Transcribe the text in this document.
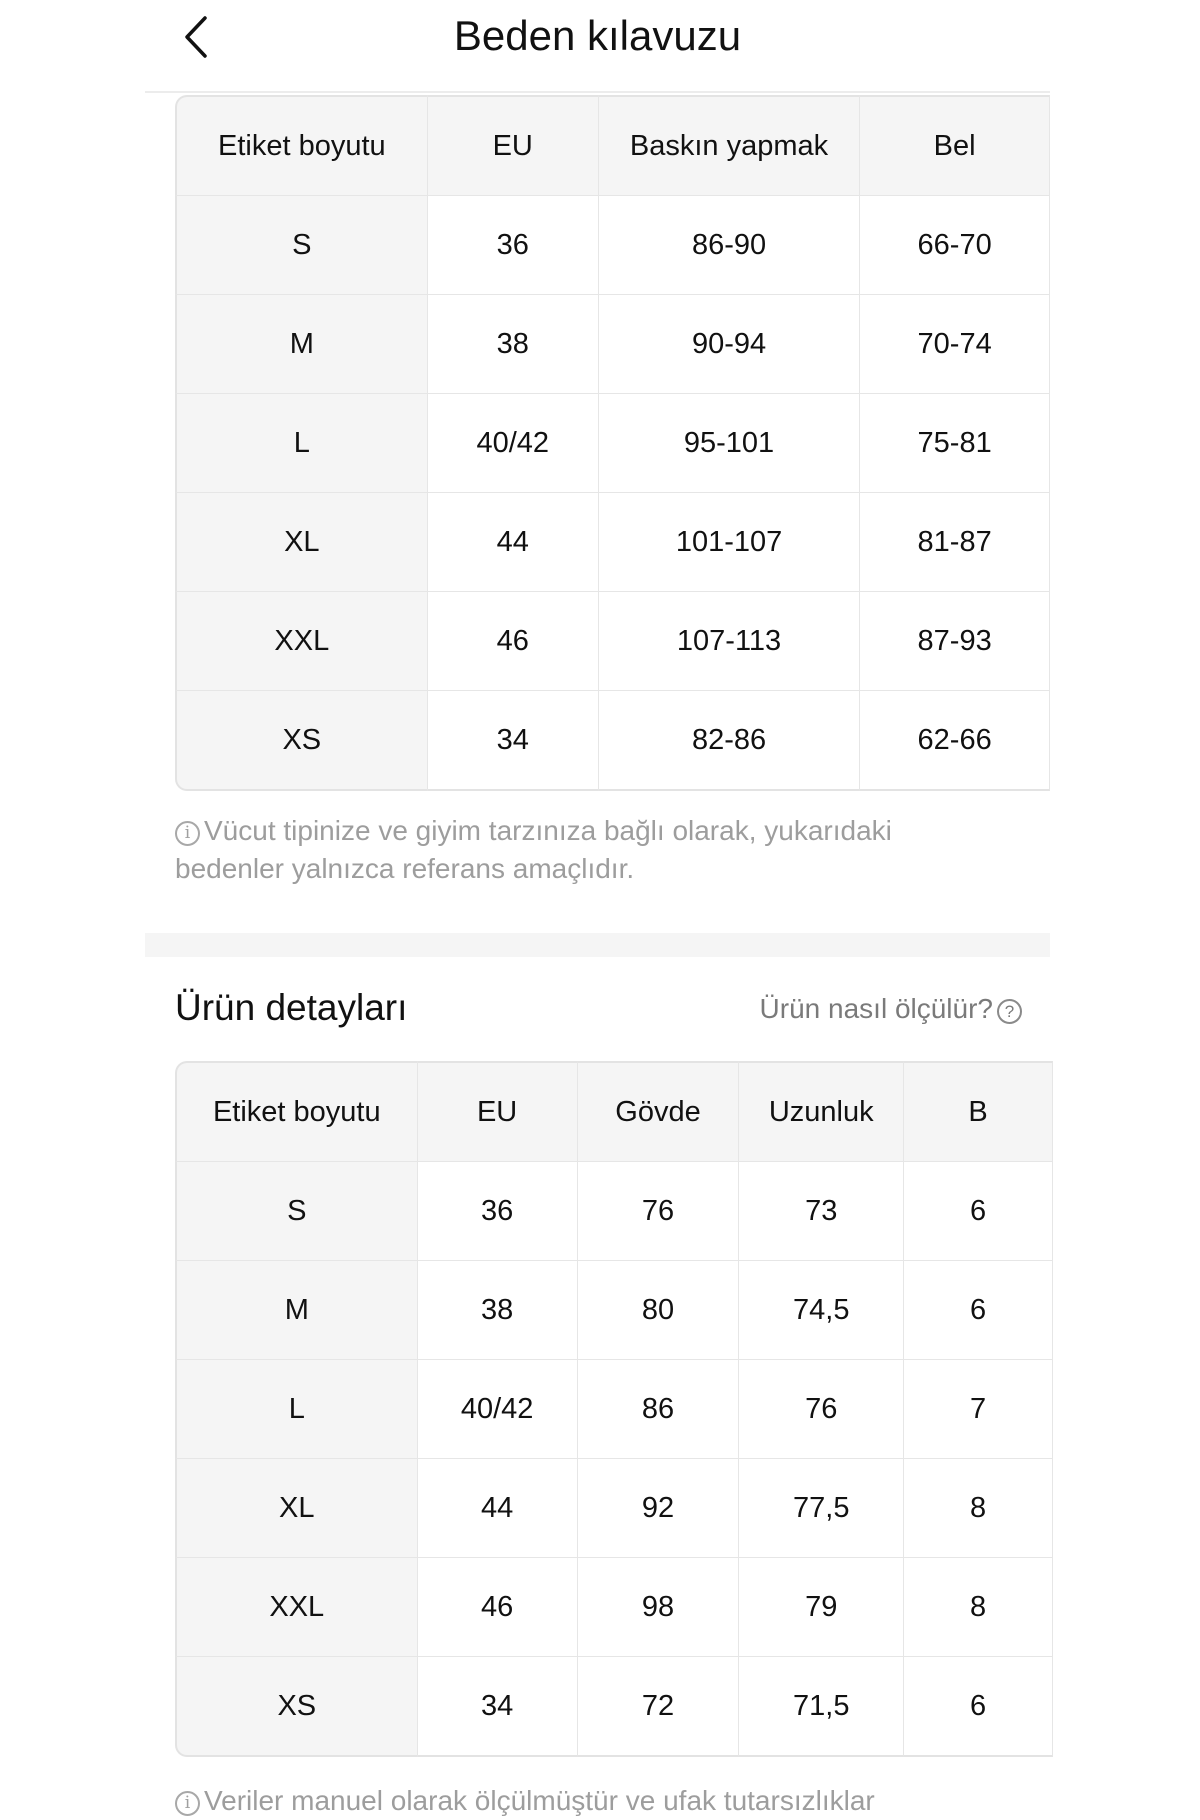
Beden kılavuzu
Etiket boyutu	EU	Baskın yapmak	Bel
S	36	86-90	66-70
M	38	90-94	70-74
L	40/42	95-101	75-81
XL	44	101-107	81-87
XXL	46	107-113	87-93
XS	34	82-86	62-66
i Vücut tipinize ve giyim tarzınıza bağlı olarak, yukarıdaki bedenler yalnızca referans amaçlıdır.
Ürün detayları	Ürün nasıl ölçülür? ?
Etiket boyutu	EU	Gövde	Uzunluk	B
S	36	76	73	6
M	38	80	74,5	6
L	40/42	86	76	7
XL	44	92	77,5	8
XXL	46	98	79	8
XS	34	72	71,5	6
i Veriler manuel olarak ölçülmüştür ve ufak tutarsızlıklar
